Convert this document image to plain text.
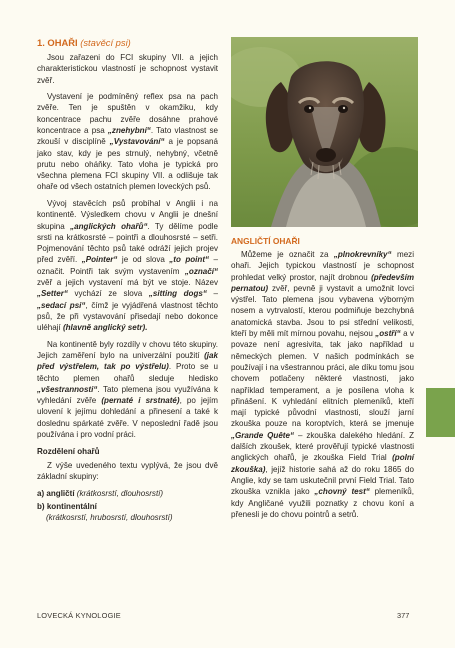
1. OHAŘI (stavěcí psi)

Jsou zařazeni do FCI skupiny VII. a jejich charakteristickou vlastností je schopnost vystavit zvěř.

Vystavení je podmíněný reflex psa na pach zvěře. Ten je spuštěn v okamžiku, kdy koncentrace pachu zvěře dosáhne prahové koncentrace a psa „znehybní“. Tato vlastnost se zkouší v disciplíně „Vystavování“ a je popsaná jako stav, kdy je pes strnulý, nehybný, včetně prutu nebo oháňky. Tato vloha je typická pro všechna plemena FCI skupiny VII. a odlišuje tak ohaře od všech ostatních plemen loveckých psů.

Vývoj stavěcích psů probíhal v Anglii i na kontinentě. Výsledkem chovu v Anglii je dnešní skupina „anglických ohařů“. Ty dělíme podle srsti na krátkosrsté – pointři a dlouhosrsté – setři. Pojmenování těchto psů také odráží jejich projev před zvěří. „Pointer“ je od slova „to point“ – označit. Pointři tak svým vystavením „označí“ zvěř a jejich vystavení má být ve stoje. Název „Setter“ vychází ze slova „sitting dogs“ – „sedací psi“, čímž je vyjádřená vlastnost těchto psů, že při vystavování přisedají nebo dokonce uléhají (hlavně anglický setr).

Na kontinentě byly rozdíly v chovu této skupiny. Jejich zaměření bylo na univerzální použití (jak před výstřelem, tak po výstřelu). Proto se u těchto plemen ohařů sleduje hledisko „všestrannosti“. Tato plemena jsou využívána k vyhledání zvěře (pernaté i srstnaté), po jejím ulovení k jejímu dohledání a přinesení a také k doslednu spárkaté zvěře. V neposlední řadě jsou používána i pro vodní práci.

Rozdělení ohařů

Z výše uvedeného textu vyplývá, že jsou dvě základní skupiny:

a) angličtí (krátkosrstí, dlouhosrstí)
b) kontinentální
(krátkosrstí, hrubosrstí, dlouhosrstí)
ANGLIČTÍ OHAŘI

Můžeme je označit za „plnokrevníky“ mezi ohaři. Jejich typickou vlastností je schopnost prohledat velký prostor, najít drobnou (především pernatou) zvěř, pevně ji vystavit a umožnit lovci výstřel. Tato plemena jsou vybavena výborným nosem a vytrvalostí, kterou podmiňuje bezchybná anatomická stavba. Jsou to psi střední velikosti, kteří by měli mít mírnou povahu, nejsou „ostří“ a v povaze není agresivita, tak jako například u německých plemen. V našich podmínkách se používají i na všestrannou práci, ale díku tomu jsou chovem potlačeny některé vlastnosti, jako například temperament, a je posílena vloha k přinášení. K vyhledání elitních plemeníků, kteří mají typické původní vlastnosti, slouží jarní zkouška pouze na koroptvích, která se jmenuje „Grande Quête“ – zkouška dalekého hledání. Z dalších zkoušek, které prověřují typické vlastnosti anglických ohařů, je zkouška Field Trial (polní zkouška), jejíž historie sahá až do roku 1865 do Anglie, kdy se tam uskutečnil první Field Trial. Tato zkouška vznikla jako „chovný test“ plemeníků, kdy Angličané využili poznatky z chovu koní a přenesli je do chovu pointrů a setrů.

LOVECKÁ KYNOLOGIE	377
